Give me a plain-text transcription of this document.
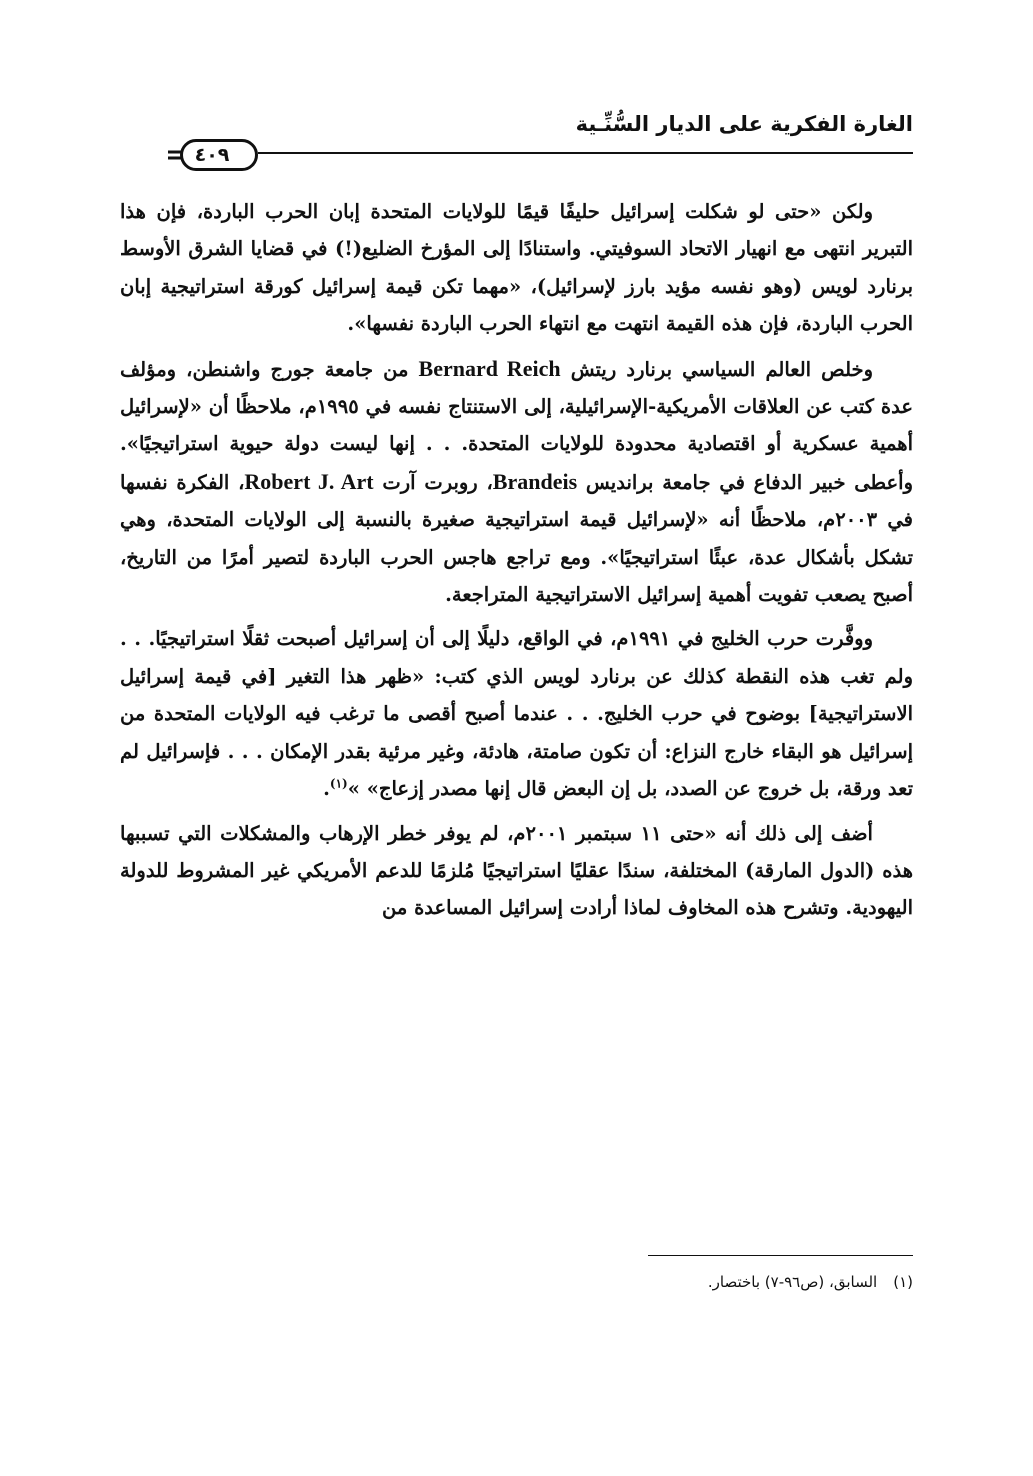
الغارة الفكرية على الديار السُّنِّـية
٤٠٩

ولكن «حتى لو شكلت إسرائيل حليفًا قيمًا للولايات المتحدة إبان الحرب الباردة، فإن هذا التبرير انتهى مع انهيار الاتحاد السوفيتي. واستنادًا إلى المؤرخ الضليع(!) في قضايا الشرق الأوسط برنارد لويس (وهو نفسه مؤيد بارز لإسرائيل)، «مهما تكن قيمة إسرائيل كورقة استراتيجية إبان الحرب الباردة، فإن هذه القيمة انتهت مع انتهاء الحرب الباردة نفسها».

وخلص العالم السياسي برنارد ريتش Bernard Reich من جامعة جورج واشنطن، ومؤلف عدة كتب عن العلاقات الأمريكية-الإسرائيلية، إلى الاستنتاج نفسه في ١٩٩٥م، ملاحظًا أن «لإسرائيل أهمية عسكرية أو اقتصادية محدودة للولايات المتحدة. . . إنها ليست دولة حيوية استراتيجيًا». وأعطى خبير الدفاع في جامعة برانديس Brandeis، روبرت آرت Robert J. Art، الفكرة نفسها في ٢٠٠٣م، ملاحظًا أنه «لإسرائيل قيمة استراتيجية صغيرة بالنسبة إلى الولايات المتحدة، وهي تشكل بأشكال عدة، عبئًا استراتيجيًا». ومع تراجع هاجس الحرب الباردة لتصير أمرًا من التاريخ، أصبح يصعب تفويت أهمية إسرائيل الاستراتيجية المتراجعة.

ووفَّرت حرب الخليج في ١٩٩١م، في الواقع، دليلًا إلى أن إسرائيل أصبحت ثقلًا استراتيجيًا. . . ولم تغب هذه النقطة كذلك عن برنارد لويس الذي كتب: «ظهر هذا التغير [في قيمة إسرائيل الاستراتيجية] بوضوح في حرب الخليج. . . عندما أصبح أقصى ما ترغب فيه الولايات المتحدة من إسرائيل هو البقاء خارج النزاع: أن تكون صامتة، هادئة، وغير مرئية بقدر الإمكان . . . فإسرائيل لم تعد ورقة، بل خروج عن الصدد، بل إن البعض قال إنها مصدر إزعاج» »$^{(١)}$.

أضف إلى ذلك أنه «حتى ١١ سبتمبر ٢٠٠١م، لم يوفر خطر الإرهاب والمشكلات التي تسببها هذه (الدول المارقة) المختلفة، سندًا عقليًا استراتيجيًا مُلزمًا للدعم الأمريكي غير المشروط للدولة اليهودية. وتشرح هذه المخاوف لماذا أرادت إسرائيل المساعدة من

(١)السابق، (ص٩٦-٧) باختصار.
